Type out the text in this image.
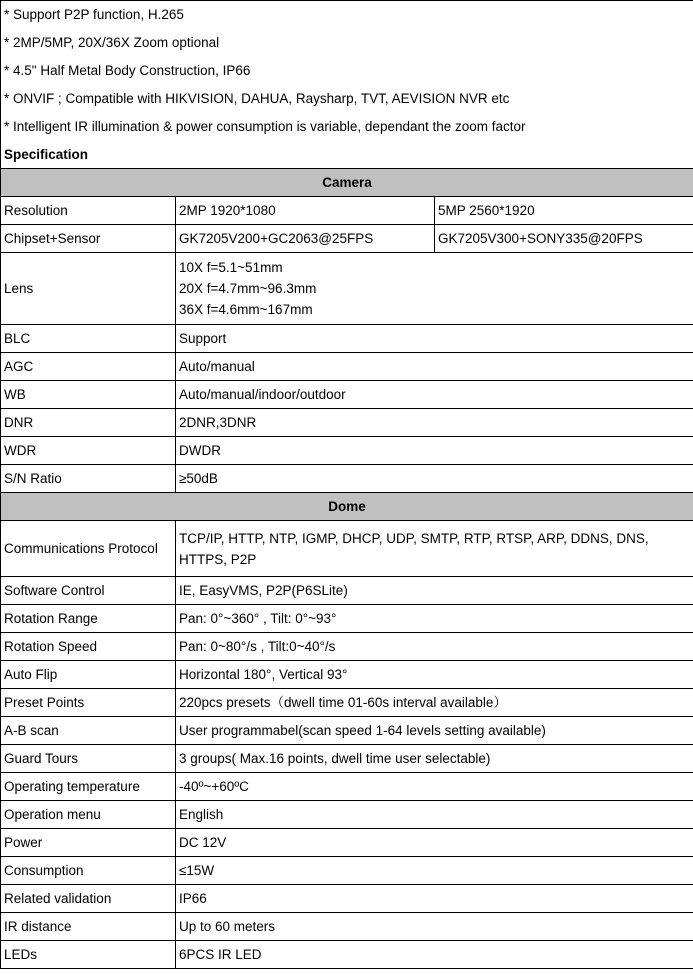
* Support P2P function, H.265		
* 2MP/5MP, 20X/36X Zoom optional		
* 4.5" Half Metal Body Construction, IP66		
* ONVIF ; Compatible with HIKVISION, DAHUA, Raysharp, TVT, AEVISION NVR etc		
* Intelligent IR illumination & power consumption is variable, dependant the zoom factor		
Specification		
Camera		
Resolution	2MP 1920*1080	5MP 2560*1920
Chipset+Sensor	GK7205V200+GC2063@25FPS	GK7205V300+SONY335@20FPS
Lens	10X f=5.1~51mm
20X f=4.7mm~96.3mm
36X f=4.6mm~167mm	

BLC	Support	
AGC	Auto/manual	
WB	Auto/manual/indoor/outdoor	
DNR	2DNR,3DNR	
WDR	DWDR	
S/N Ratio	≥50dB	
Dome		
Communications Protocol	TCP/IP, HTTP, NTP, IGMP, DHCP, UDP, SMTP, RTP, RTSP, ARP, DDNS, DNS, HTTPS, P2P	
Software Control	IE, EasyVMS, P2P(P6SLite)	
Rotation Range	Pan: 0°~360° , Tilt: 0°~93°	
Rotation Speed	Pan: 0~80°/s , Tilt:0~40°/s	
Auto Flip	Horizontal 180°, Vertical 93°	
Preset Points	220pcs presets（dwell time 01-60s interval available）	
A-B scan	User programmabel(scan speed 1-64 levels setting available)	
Guard Tours	3 groups( Max.16 points, dwell time user selectable)	
Operating temperature	-40º~+60ºC	
Operation menu	English	
Power	DC 12V	
Consumption	≤15W	
Related validation	IP66	
IR distance	Up to 60 meters	
LEDs	6PCS IR LED	
